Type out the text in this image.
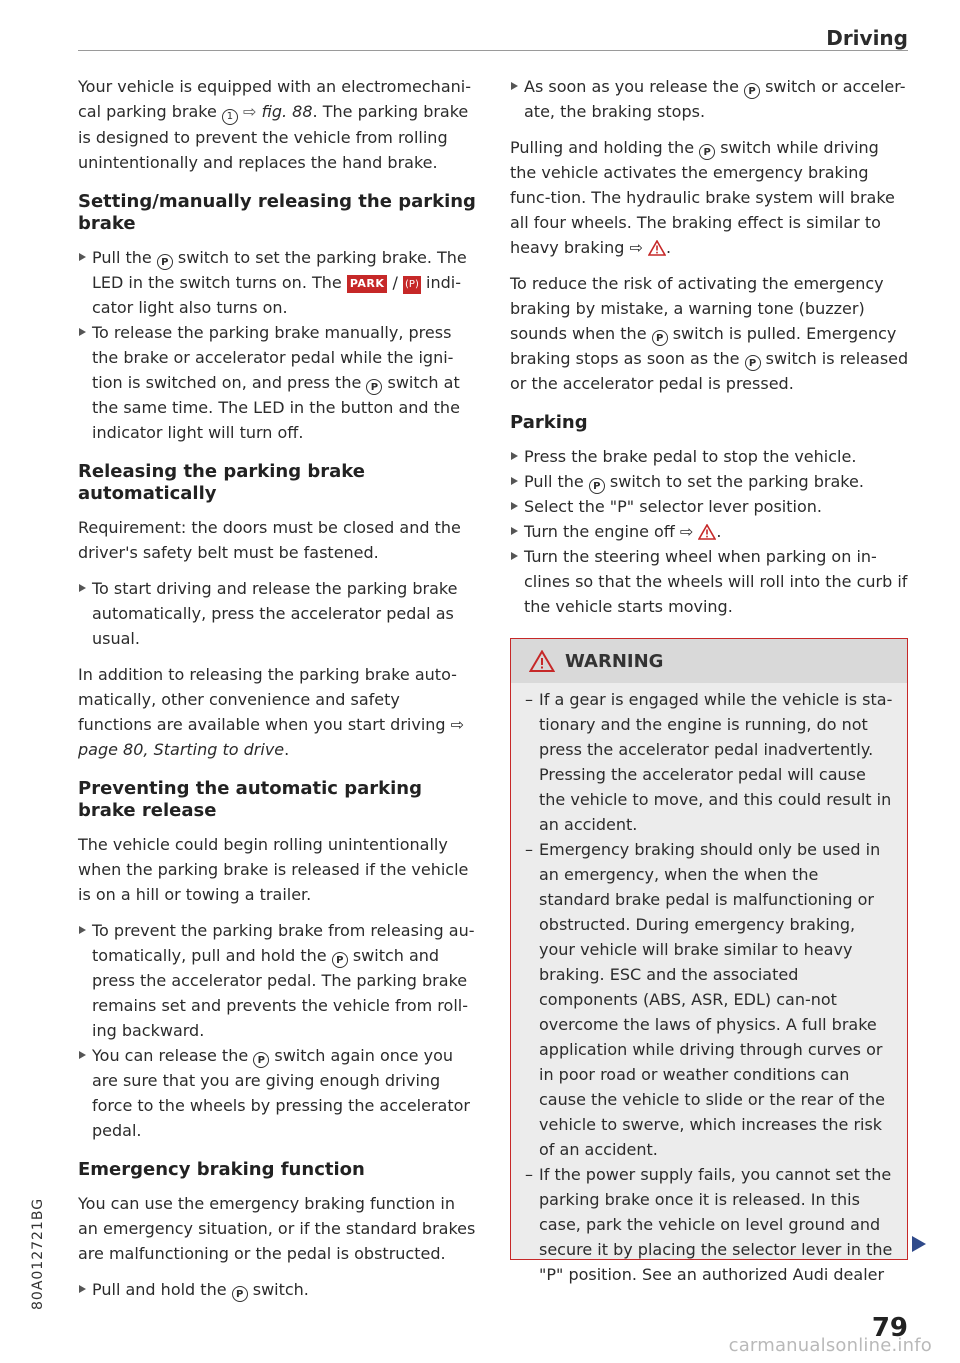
Driving
80A012721BG

Your vehicle is equipped with an electromechani-cal parking brake 1 ⇨ fig. 88. The parking brake is designed to prevent the vehicle from rolling unintentionally and replaces the hand brake.

Setting/manually releasing the parking brake
Pull the P switch to set the parking brake. The LED in the switch turns on. The PARK / (P) indi-cator light also turns on.
To release the parking brake manually, press the brake or accelerator pedal while the igni-tion is switched on, and press the P switch at the same time. The LED in the button and the indicator light will turn off.
Releasing the parking brake automatically

Requirement: the doors must be closed and the driver's safety belt must be fastened.

To start driving and release the parking brake automatically, press the accelerator pedal as usual.

In addition to releasing the parking brake auto-matically, other convenience and safety functions are available when you start driving ⇨ page 80, Starting to drive.

Preventing the automatic parking brake release

The vehicle could begin rolling unintentionally when the parking brake is released if the vehicle is on a hill or towing a trailer.

To prevent the parking brake from releasing au-tomatically, pull and hold the P switch and press the accelerator pedal. The parking brake remains set and prevents the vehicle from roll-ing backward.
You can release the P switch again once you are sure that you are giving enough driving force to the wheels by pressing the accelerator pedal.
Emergency braking function

You can use the emergency braking function in an emergency situation, or if the standard brakes are malfunctioning or the pedal is obstructed.

Pull and hold the P switch.
As soon as you release the P switch or acceler-ate, the braking stops.

Pulling and holding the P switch while driving the vehicle activates the emergency braking func-tion. The hydraulic brake system will brake all four wheels. The braking effect is similar to heavy braking ⇨ .

To reduce the risk of activating the emergency braking by mistake, a warning tone (buzzer) sounds when the P switch is pulled. Emergency braking stops as soon as the P switch is released or the accelerator pedal is pressed.

Parking
Press the brake pedal to stop the vehicle.
Pull the P switch to set the parking brake.
Select the "P" selector lever position.
Turn the engine off ⇨ .
Turn the steering wheel when parking on in-clines so that the wheels will roll into the curb if the vehicle starts moving.
WARNING
– If a gear is engaged while the vehicle is sta-tionary and the engine is running, do not press the accelerator pedal inadvertently. Pressing the accelerator pedal will cause the vehicle to move, and this could result in an accident.
– Emergency braking should only be used in an emergency, when the when the standard brake pedal is malfunctioning or obstructed. During emergency braking, your vehicle will brake similar to heavy braking. ESC and the associated components (ABS, ASR, EDL) can-not overcome the laws of physics. A full brake application while driving through curves or in poor road or weather conditions can cause the vehicle to slide or the rear of the vehicle to swerve, which increases the risk of an accident.
– If the power supply fails, you cannot set the parking brake once it is released. In this case, park the vehicle on level ground and secure it by placing the selector lever in the "P" position. See an authorized Audi dealer
79
carmanualsonline.info
